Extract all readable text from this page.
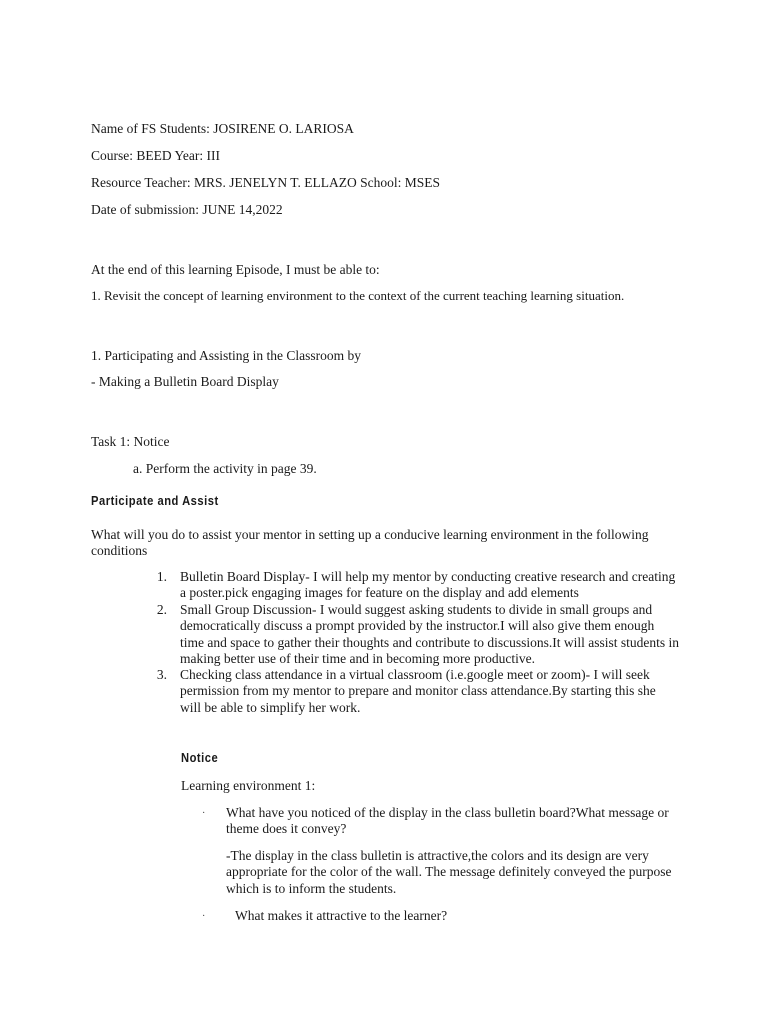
Name of FS Students: JOSIRENE O. LARIOSA
Course: BEED Year: III
Resource Teacher: MRS. JENELYN T. ELLAZO School: MSES
Date of submission: JUNE 14,2022
At the end of this learning Episode, I must be able to:
1. Revisit the concept of learning environment to the context of the current teaching learning situation.
1. Participating and Assisting in the Classroom by
- Making a Bulletin Board Display
Task 1: Notice
a. Perform the activity in page 39.
Participate and Assist
What will you do to assist your mentor in setting up a conducive learning environment in the following conditions
1. Bulletin Board Display- I will help my mentor by conducting creative research and creating a poster.pick engaging images for feature on the display and add elements
2. Small Group Discussion- I would suggest asking students to divide in small groups and democratically discuss a prompt provided by the instructor.I will also give them enough time and space to gather their thoughts and contribute to discussions.It will assist students in making better use of their time and in becoming more productive.
3. Checking class attendance in a virtual classroom (i.e.google meet or zoom)- I will seek permission from my mentor to prepare and monitor class attendance.By starting this she will be able to simplify her work.
Notice
Learning environment 1:
· What have you noticed of the display in the class bulletin board?What message or theme does it convey?
-The display in the class bulletin is attractive,the colors and its design are very appropriate for the color of the wall. The message definitely conveyed the purpose which is to inform the students.
· What makes it attractive to the learner?
